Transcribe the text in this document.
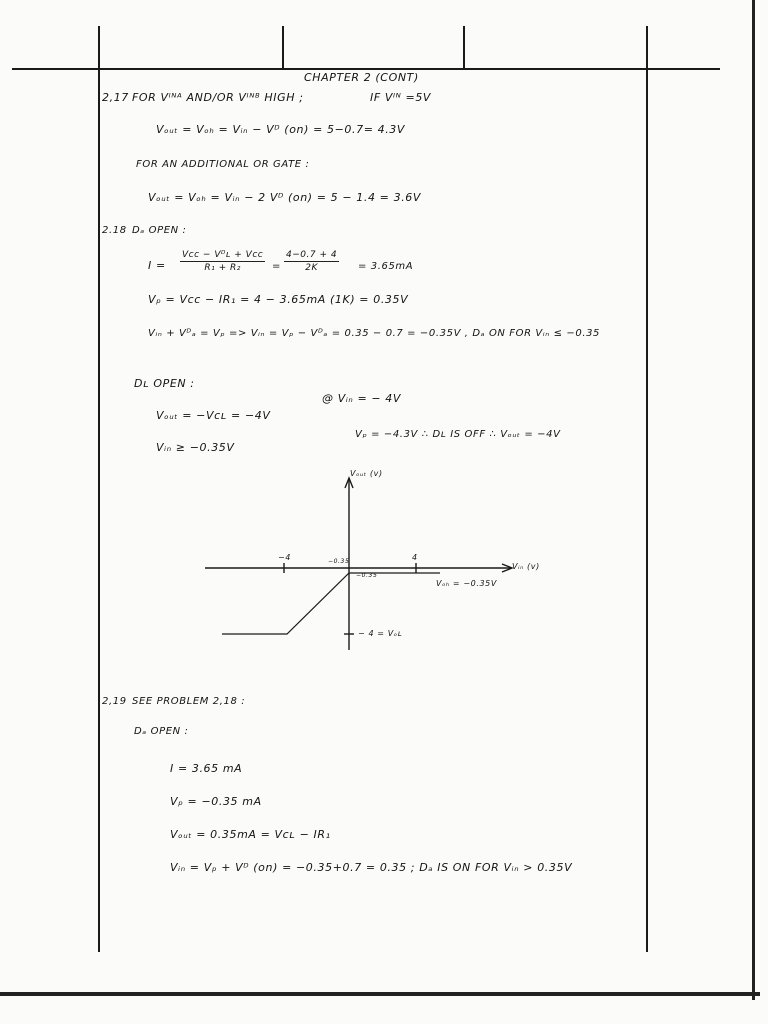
CHAPTER 2 (CONT)
2,17 FOR Vᴵᴺᴬ AND/OR Vᴵᴺᴮ HIGH ;	IF Vᴵᴺ =5V
Vₒᵤₜ = Vₒₕ = Vᵢₙ − Vᴰ (on) = 5−0.7= 4.3V
FOR AN ADDITIONAL OR GATE :
Vₒᵤₜ = Vₒₕ = Vᵢₙ − 2 Vᴰ (on) = 5 − 1.4 = 3.6V
2.18 Dₐ OPEN :
I =
Vcc − Vᴰʟ + Vcc
R₁ + R₂	= $\frac{4-0.7 + 4}{2K} = 3.65mA$
Vₚ = Vᴄᴄ − IR₁ = 4 − 3.65mA (1K) = 0.35V
Vᵢₙ + Vᴰₐ = Vₚ => Vᵢₙ = Vₚ − Vᴰₐ = 0.35 − 0.7 = −0.35V , Dₐ ON FOR Vᵢₙ ≤ −0.35
Dʟ OPEN :
@ Vᵢₙ = − 4V
Vₒᵤₜ = −Vᴄʟ = −4V
Vₚ = −4.3V ∴ Dʟ IS OFF ∴ Vₒᵤₜ = −4V
Vᵢₙ ≥ −0.35V
Vₒᵤₜ (v)
Vᵢₙ (v)
−4	4
−0.35
−0.35
Vₒₕ = −0.35V
− 4 = Vₒʟ
2,19 SEE PROBLEM 2,18 :
Dₐ OPEN :
I = 3.65 mA
Vₚ = −0.35 mA
Vₒᵤₜ = 0.35mA = Vᴄʟ − IR₁
Vᵢₙ = Vₚ + Vᴰ (on) = −0.35+0.7 = 0.35 ; Dₐ IS ON FOR Vᵢₙ > 0.35V
